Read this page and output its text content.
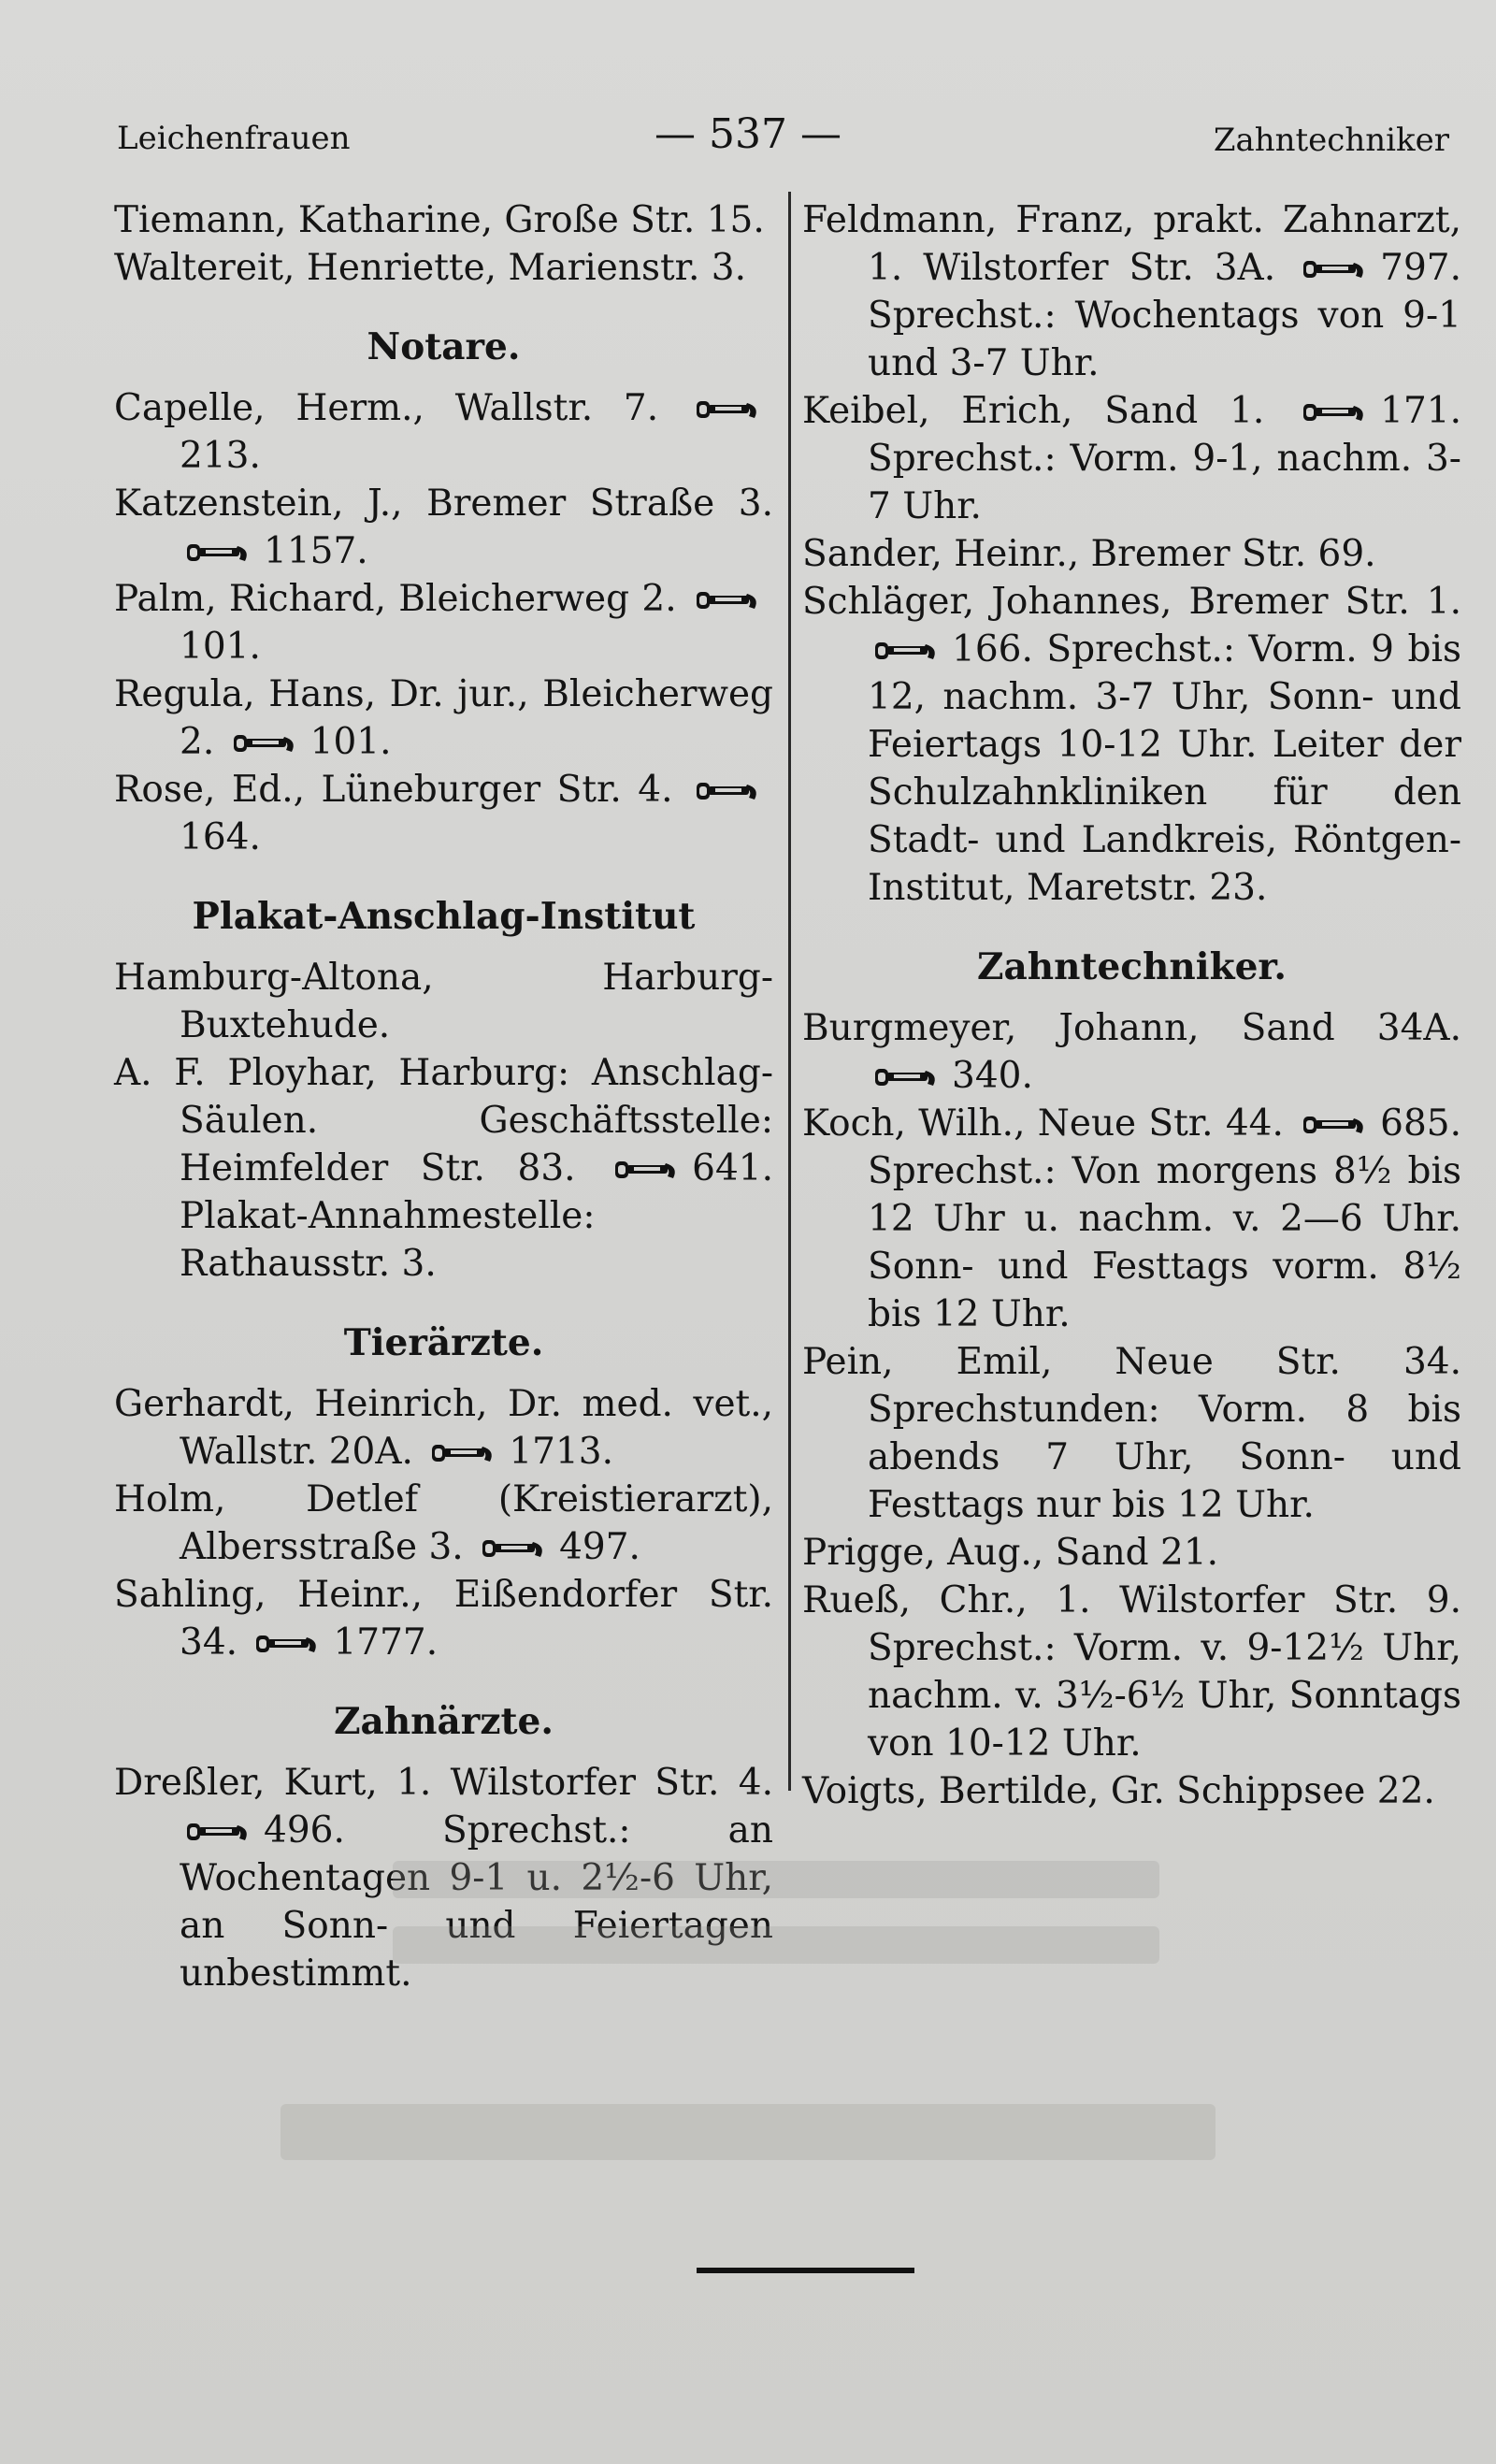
Leichenfrauen	— 537 —	Zahntechniker
Tiemann, Katharine, Große Str. 15.
Waltereit, Henriette, Marienstr. 3.
Notare.
Capelle, Herm., Wallstr. 7.
213.
Katzenstein, J., Bremer Straße 3.
1157.
Palm, Richard, Bleicherweg 2.
101.
Regula, Hans, Dr. jur., Bleicherweg 2.	101.
Rose, Ed., Lüneburger Str. 4.
164.
Plakat-Anschlag-Institut
Hamburg-Altona, Harburg-Buxtehude.
A. F. Ployhar, Harburg: Anschlag-Säulen. Geschäftsstelle: Heimfelder Str. 83.	641. Plakat-Annahmestelle: Rathausstr. 3.
Tierärzte.
Gerhardt, Heinrich, Dr. med. vet., Wallstr. 20A.	1713.
Holm, Detlef (Kreistierarzt), Albersstraße 3.	497.
Sahling, Heinr., Eißendorfer Str. 34.	1777.
Zahnärzte.
Dreßler, Kurt, 1. Wilstorfer Str. 4.
496.	Sprechst.: an Wochentagen 9-1 u. 2½-6 Uhr, an Sonn- und Feiertagen unbestimmt.
Feldmann, Franz, prakt. Zahnarzt, 1. Wilstorfer Str. 3A.	797. Sprechst.: Wochentags von 9-1 und 3-7 Uhr.
Keibel, Erich, Sand 1.	171. Sprechst.: Vorm. 9-1, nachm. 3-7 Uhr.
Sander, Heinr., Bremer Str. 69.
Schläger, Johannes, Bremer Str. 1.
166. Sprechst.: Vorm. 9 bis 12, nachm. 3-7 Uhr, Sonn- und Feiertags 10-12 Uhr. Leiter der Schulzahnkliniken für den Stadt- und Landkreis, Röntgen-Institut, Maretstr. 23.
Zahntechniker.
Burgmeyer, Johann, Sand 34A.
340.
Koch, Wilh., Neue Str. 44.	685. Sprechst.: Von morgens 8½ bis 12 Uhr u. nachm. v. 2—6 Uhr. Sonn- und Festtags vorm. 8½ bis 12 Uhr.
Pein, Emil, Neue Str. 34. Sprechstunden: Vorm. 8 bis abends 7 Uhr, Sonn- und Festtags nur bis 12 Uhr.
Prigge, Aug., Sand 21.
Rueß, Chr., 1. Wilstorfer Str. 9. Sprechst.: Vorm. v. 9-12½ Uhr, nachm. v. 3½-6½ Uhr, Sonntags von 10-12 Uhr.
Voigts, Bertilde, Gr. Schippsee 22.
